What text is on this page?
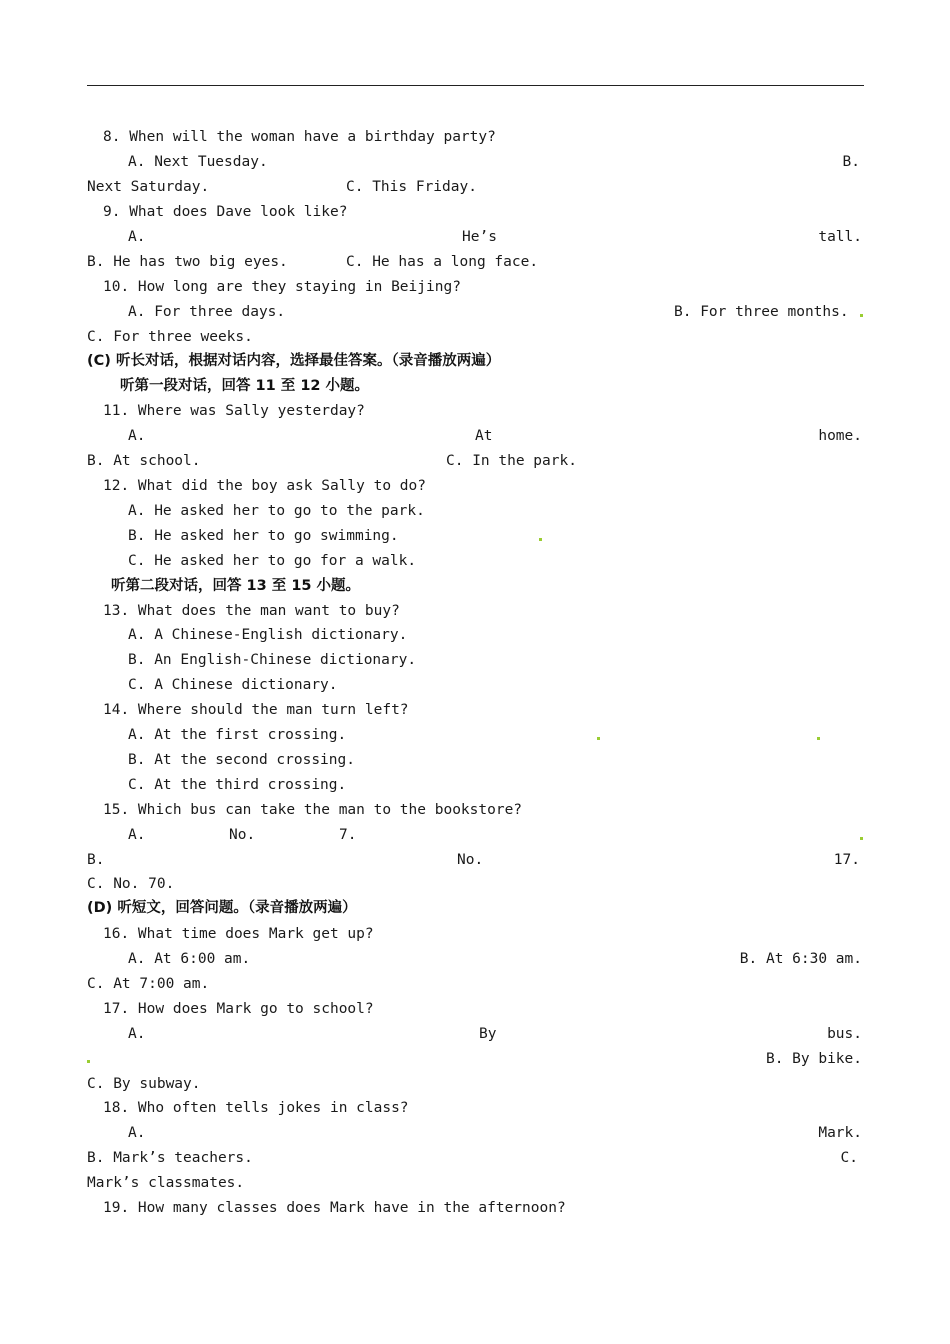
8. When will the woman have a birthday party?
A. Next Tuesday.	B.
Next Saturday.	C. This Friday.
9. What does Dave look like?
A.	He’s	tall.
B. He has two big eyes.	C. He has a long face.
10. How long are they staying in Beijing?
A. For three days.	B. For three months.
C. For three weeks.
(C) 听长对话，根据对话内容，选择最佳答案。（录音播放两遍）
听第一段对话，回答 11 至 12 小题。
11. Where was Sally yesterday?
A.	At	home.
B. At school.	C. In the park.
12. What did the boy ask Sally to do?
A. He asked her to go to the park.
B. He asked her to go swimming.
C. He asked her to go for a walk.
听第二段对话，回答 13 至 15 小题。
13. What does the man want to buy?
A. A Chinese-English dictionary.
B. An English-Chinese dictionary.
C. A Chinese dictionary.
14. Where should the man turn left?
A. At the first crossing.
B. At the second crossing.
C. At the third crossing.
15. Which bus can take the man to the bookstore?
A.	No.	7.
B.	No.	17.
C. No. 70.
(D) 听短文，回答问题。（录音播放两遍）
16. What time does Mark get up?
A. At 6:00 am.	B. At 6:30 am.
C. At 7:00 am.
17. How does Mark go to school?
A.	By	bus.
B. By bike.
C. By subway.
18. Who often tells jokes in class?
A.	Mark.
B. Mark’s teachers.	C.
Mark’s classmates.
19. How many classes does Mark have in the afternoon?
